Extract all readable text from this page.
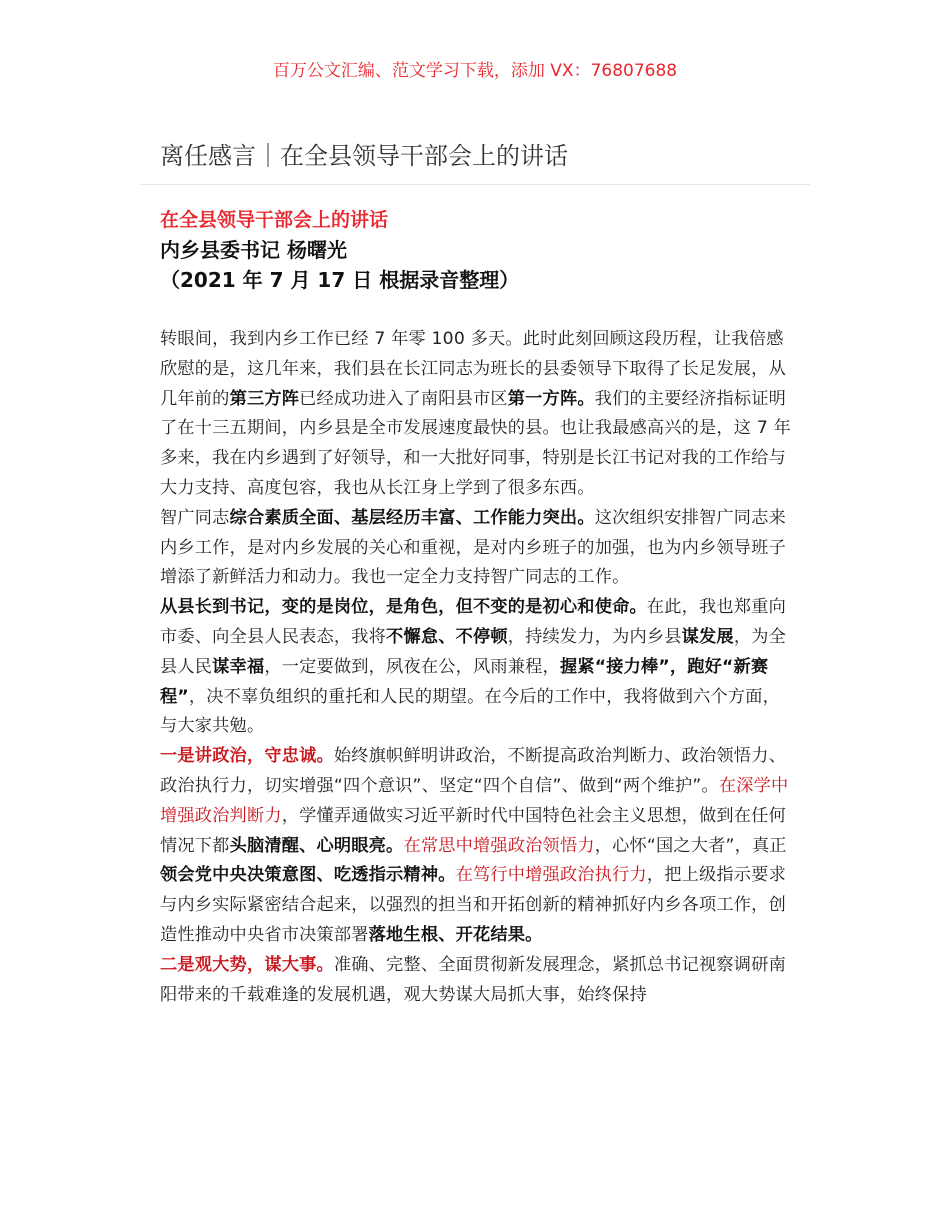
百万公文汇编、范文学习下载，添加 VX：76807688
离任感言｜在全县领导干部会上的讲话
在全县领导干部会上的讲话
内乡县委书记 杨曙光
（2021 年 7 月 17 日 根据录音整理）

转眼间，我到内乡工作已经 7 年零 100 多天。此时此刻回顾这段历程，让我倍感欣慰的是，这几年来，我们县在长江同志为班长的县委领导下取得了长足发展，从几年前的第三方阵已经成功进入了南阳县市区第一方阵。我们的主要经济指标证明了在十三五期间，内乡县是全市发展速度最快的县。也让我最感高兴的是，这 7 年多来，我在内乡遇到了好领导，和一大批好同事，特别是长江书记对我的工作给与大力支持、高度包容，我也从长江身上学到了很多东西。

智广同志综合素质全面、基层经历丰富、工作能力突出。这次组织安排智广同志来内乡工作，是对内乡发展的关心和重视，是对内乡班子的加强，也为内乡领导班子增添了新鲜活力和动力。我也一定全力支持智广同志的工作。

从县长到书记，变的是岗位，是角色，但不变的是初心和使命。在此，我也郑重向市委、向全县人民表态，我将不懈怠、不停顿，持续发力，为内乡县谋发展，为全县人民谋幸福，一定要做到，夙夜在公，风雨兼程，握紧“接力棒”，跑好“新赛程”，决不辜负组织的重托和人民的期望。在今后的工作中，我将做到六个方面，与大家共勉。

一是讲政治，守忠诚。始终旗帜鲜明讲政治，不断提高政治判断力、政治领悟力、政治执行力，切实增强“四个意识”、坚定“四个自信”、做到“两个维护”。在深学中增强政治判断力，学懂弄通做实习近平新时代中国特色社会主义思想，做到在任何情况下都头脑清醒、心明眼亮。在常思中增强政治领悟力，心怀“国之大者”，真正领会党中央决策意图、吃透指示精神。在笃行中增强政治执行力，把上级指示要求与内乡实际紧密结合起来，以强烈的担当和开拓创新的精神抓好内乡各项工作，创造性推动中央省市决策部署落地生根、开花结果。

二是观大势，谋大事。准确、完整、全面贯彻新发展理念，紧抓总书记视察调研南阳带来的千载难逢的发展机遇，观大势谋大局抓大事，始终保持
